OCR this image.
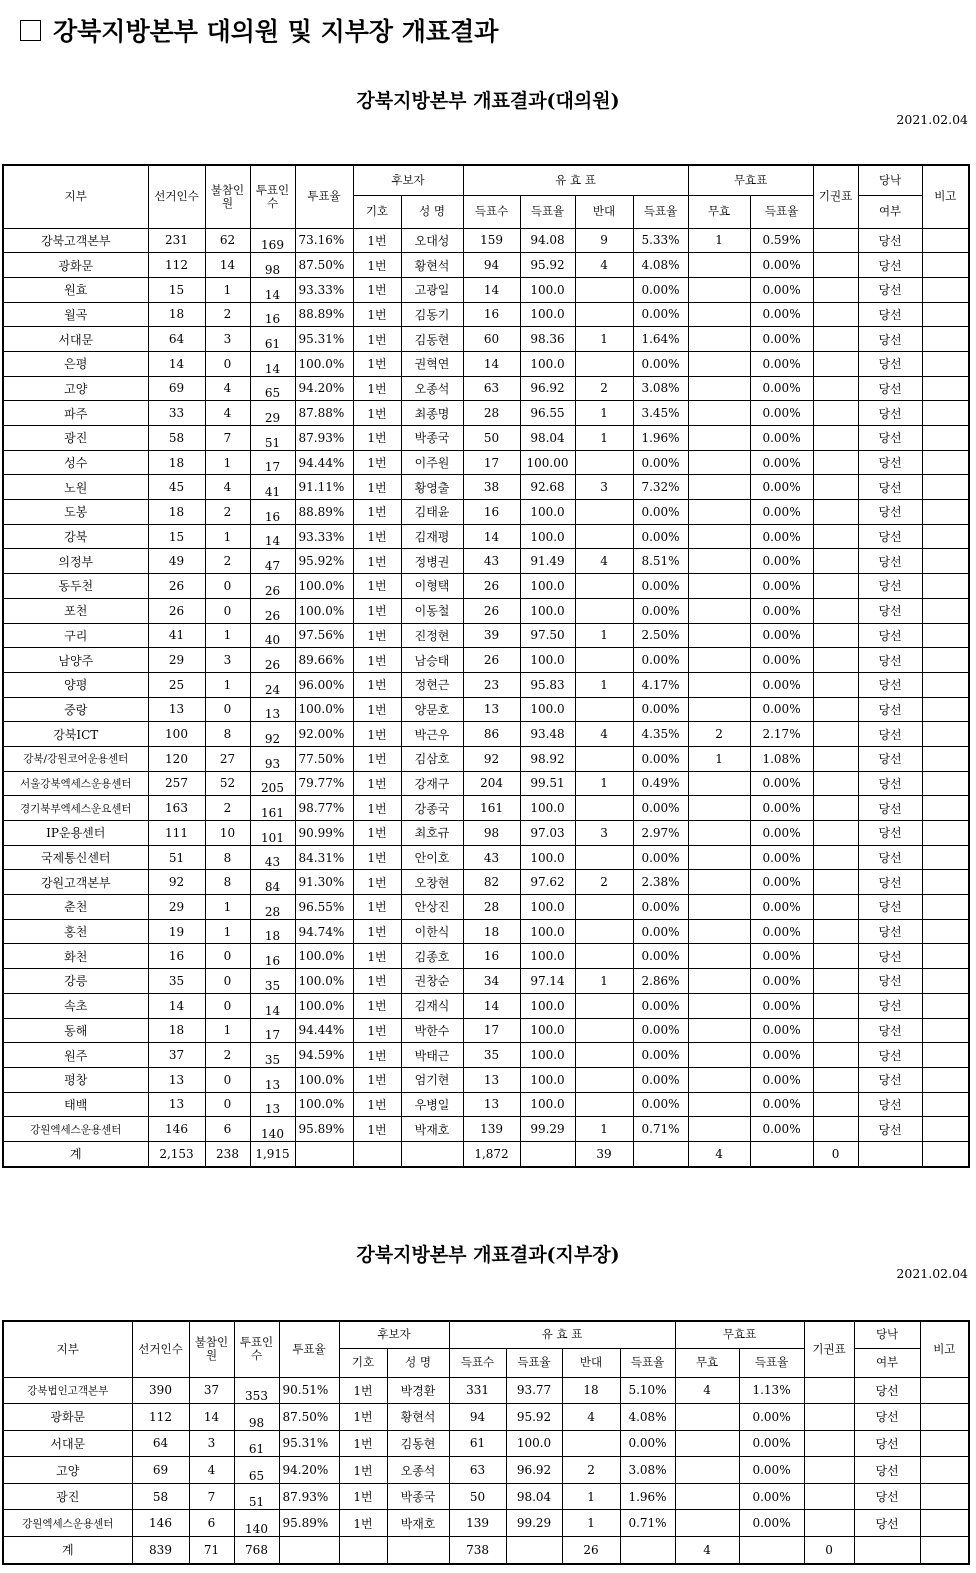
강북지방본부 대의원 및 지부장 개표결과
강북지방본부 개표결과(대의원)
2021.02.04
지부	선거인수	불참인원	투표인수	투표율	후보자		유 효 표				무효표		기권표	당낙	비고
					기호	성 명	득표수	득표율	반대	득표율	무효	득표율		여부	
강북고객본부	231	62	169	73.16%	1번	오대성	159	94.08	9	5.33%	1	0.59%		당선	
광화문	112	14	98	87.50%	1번	황현석	94	95.92	4	4.08%		0.00%		당선	
원효	15	1	14	93.33%	1번	고광일	14	100.0		0.00%		0.00%		당선	
월곡	18	2	16	88.89%	1번	김동기	16	100.0		0.00%		0.00%		당선	
서대문	64	3	61	95.31%	1번	김동현	60	98.36	1	1.64%		0.00%		당선	
은평	14	0	14	100.0%	1번	권혁연	14	100.0		0.00%		0.00%		당선	
고양	69	4	65	94.20%	1번	오종석	63	96.92	2	3.08%		0.00%		당선	
파주	33	4	29	87.88%	1번	최종명	28	96.55	1	3.45%		0.00%		당선	
광진	58	7	51	87.93%	1번	박종국	50	98.04	1	1.96%		0.00%		당선	
성수	18	1	17	94.44%	1번	이주원	17	100.00		0.00%		0.00%		당선	
노원	45	4	41	91.11%	1번	황영출	38	92.68	3	7.32%		0.00%		당선	
도봉	18	2	16	88.89%	1번	김태윤	16	100.0		0.00%		0.00%		당선	
강북	15	1	14	93.33%	1번	김재평	14	100.0		0.00%		0.00%		당선	
의정부	49	2	47	95.92%	1번	정병권	43	91.49	4	8.51%		0.00%		당선	
동두천	26	0	26	100.0%	1번	이형택	26	100.0		0.00%		0.00%		당선	
포천	26	0	26	100.0%	1번	이동철	26	100.0		0.00%		0.00%		당선	
구리	41	1	40	97.56%	1번	진정현	39	97.50	1	2.50%		0.00%		당선	
남양주	29	3	26	89.66%	1번	남승태	26	100.0		0.00%		0.00%		당선	
양평	25	1	24	96.00%	1번	정현근	23	95.83	1	4.17%		0.00%		당선	
중랑	13	0	13	100.0%	1번	양문호	13	100.0		0.00%		0.00%		당선	
강북ICT	100	8	92	92.00%	1번	박근우	86	93.48	4	4.35%	2	2.17%		당선	
강북/강원코어운용센터	120	27	93	77.50%	1번	김삼호	92	98.92		0.00%	1	1.08%		당선	
서울강북엑세스운용센터	257	52	205	79.77%	1번	강재구	204	99.51	1	0.49%		0.00%		당선	
경기북부엑세스운요센터	163	2	161	98.77%	1번	강종국	161	100.0		0.00%		0.00%		당선	
IP운용센터	111	10	101	90.99%	1번	최호규	98	97.03	3	2.97%		0.00%		당선	
국제통신센터	51	8	43	84.31%	1번	안이호	43	100.0		0.00%		0.00%		당선	
강원고객본부	92	8	84	91.30%	1번	오창현	82	97.62	2	2.38%		0.00%		당선	
춘천	29	1	28	96.55%	1번	안상진	28	100.0		0.00%		0.00%		당선	
홍천	19	1	18	94.74%	1번	이한식	18	100.0		0.00%		0.00%		당선	
화천	16	0	16	100.0%	1번	김종호	16	100.0		0.00%		0.00%		당선	
강릉	35	0	35	100.0%	1번	권창순	34	97.14	1	2.86%		0.00%		당선	
속초	14	0	14	100.0%	1번	김재식	14	100.0		0.00%		0.00%		당선	
동해	18	1	17	94.44%	1번	박한수	17	100.0		0.00%		0.00%		당선	
원주	37	2	35	94.59%	1번	박태근	35	100.0		0.00%		0.00%		당선	
평창	13	0	13	100.0%	1번	엄기현	13	100.0		0.00%		0.00%		당선	
태백	13	0	13	100.0%	1번	우병일	13	100.0		0.00%		0.00%		당선	
강원엑세스운용센터	146	6	140	95.89%	1번	박재호	139	99.29	1	0.71%		0.00%		당선	
계	2,153	238	1,915				1,872		39		4		0		
강북지방본부 개표결과(지부장)
2021.02.04
지부	선거인수	불참인원	투표인수	투표율	후보자		유 효 표				무효표		기권표	당낙	비고
					기호	성 명	득표수	득표율	반대	득표율	무효	득표율		여부	
강북법인고객본부	390	37	353	90.51%	1번	박경환	331	93.77	18	5.10%	4	1.13%		당선	
광화문	112	14	98	87.50%	1번	황현석	94	95.92	4	4.08%		0.00%		당선	
서대문	64	3	61	95.31%	1번	김동현	61	100.0		0.00%		0.00%		당선	
고양	69	4	65	94.20%	1번	오종석	63	96.92	2	3.08%		0.00%		당선	
광진	58	7	51	87.93%	1번	박종국	50	98.04	1	1.96%		0.00%		당선	
강원엑세스운용센터	146	6	140	95.89%	1번	박재호	139	99.29	1	0.71%		0.00%		당선	
계	839	71	768				738		26		4		0		
